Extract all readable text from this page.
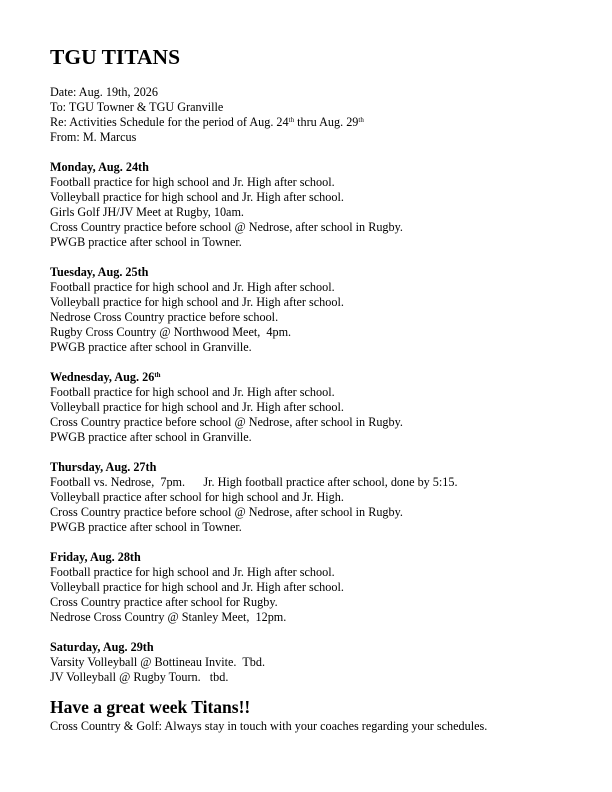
TGU TITANS
Date: Aug. 19th, 2026
To: TGU Towner & TGU Granville
Re: Activities Schedule for the period of Aug. 24th thru Aug. 29th
From: M. Marcus
Monday, Aug. 24th
Football practice for high school and Jr. High after school.
Volleyball practice for high school and Jr. High after school.
Girls Golf JH/JV Meet at Rugby, 10am.
Cross Country practice before school @ Nedrose, after school in Rugby.
PWGB practice after school in Towner.
Tuesday, Aug. 25th
Football practice for high school and Jr. High after school.
Volleyball practice for high school and Jr. High after school.
Nedrose Cross Country practice before school.
Rugby Cross Country @ Northwood Meet,  4pm.
PWGB practice after school in Granville.
Wednesday, Aug. 26th
Football practice for high school and Jr. High after school.
Volleyball practice for high school and Jr. High after school.
Cross Country practice before school @ Nedrose, after school in Rugby.
PWGB practice after school in Granville.
Thursday, Aug. 27th
Football vs. Nedrose,  7pm.      Jr. High football practice after school, done by 5:15.
Volleyball practice after school for high school and Jr. High.
Cross Country practice before school @ Nedrose, after school in Rugby.
PWGB practice after school in Towner.
Friday, Aug. 28th
Football practice for high school and Jr. High after school.
Volleyball practice for high school and Jr. High after school.
Cross Country practice after school for Rugby.
Nedrose Cross Country @ Stanley Meet,  12pm.
Saturday, Aug. 29th
Varsity Volleyball @ Bottineau Invite.  Tbd.
JV Volleyball @ Rugby Tourn.   tbd.
Have a great week Titans!!
Cross Country & Golf: Always stay in touch with your coaches regarding your schedules.
